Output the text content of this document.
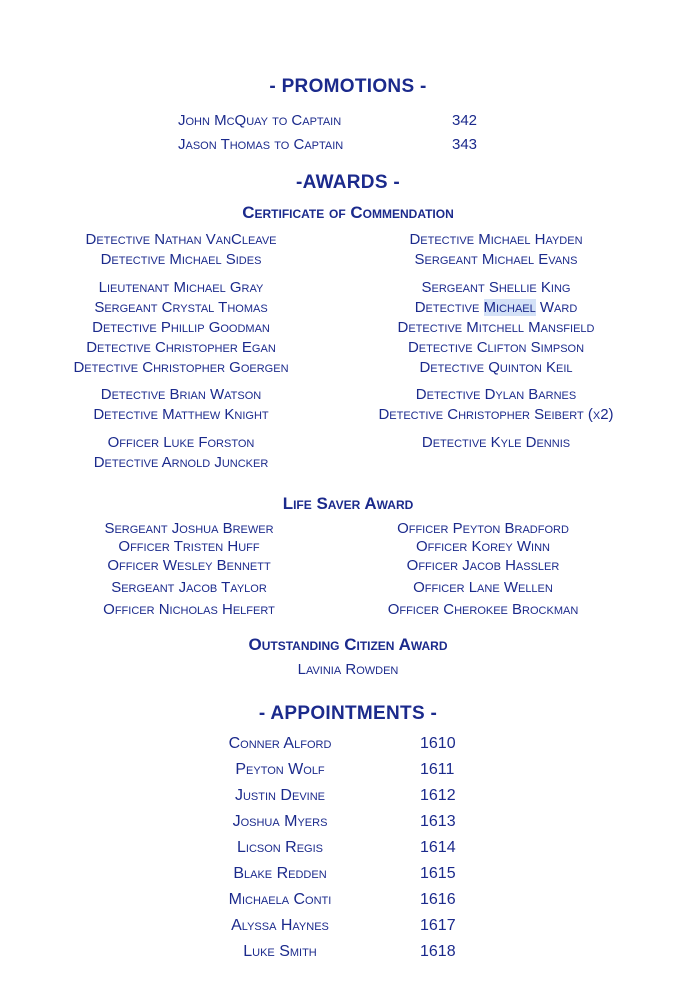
- PROMOTIONS -
John McQuay to Captain	342
Jason Thomas to Captain	343
-AWARDS -
Certificate of Commendation
Detective Nathan VanCleave
Detective Michael Sides
Lieutenant Michael Gray
Sergeant Crystal Thomas
Detective Phillip Goodman
Detective Christopher Egan
Detective Christopher Goergen
Detective Brian Watson
Detective Matthew Knight
Officer Luke Forston
Detective Arnold Juncker
Detective Michael Hayden
Sergeant Michael Evans
Sergeant Shellie King
Detective Michael Ward
Detective Mitchell Mansfield
Detective Clifton Simpson
Detective Quinton Keil
Detective Dylan Barnes
Detective Christopher Seibert (x2)
Detective Kyle Dennis
Life Saver Award
Sergeant Joshua Brewer
Officer Tristen Huff
Officer Wesley Bennett
Sergeant Jacob Taylor
Officer Nicholas Helfert
Officer Peyton Bradford
Officer Korey Winn
Officer Jacob Hassler
Officer Lane Wellen
Officer Cherokee Brockman
Outstanding Citizen Award
Lavinia Rowden
- APPOINTMENTS -
Conner Alford	1610
Peyton Wolf	1611
Justin Devine	1612
Joshua Myers	1613
Licson Regis	1614
Blake Redden	1615
Michaela Conti	1616
Alyssa Haynes	1617
Luke Smith	1618
